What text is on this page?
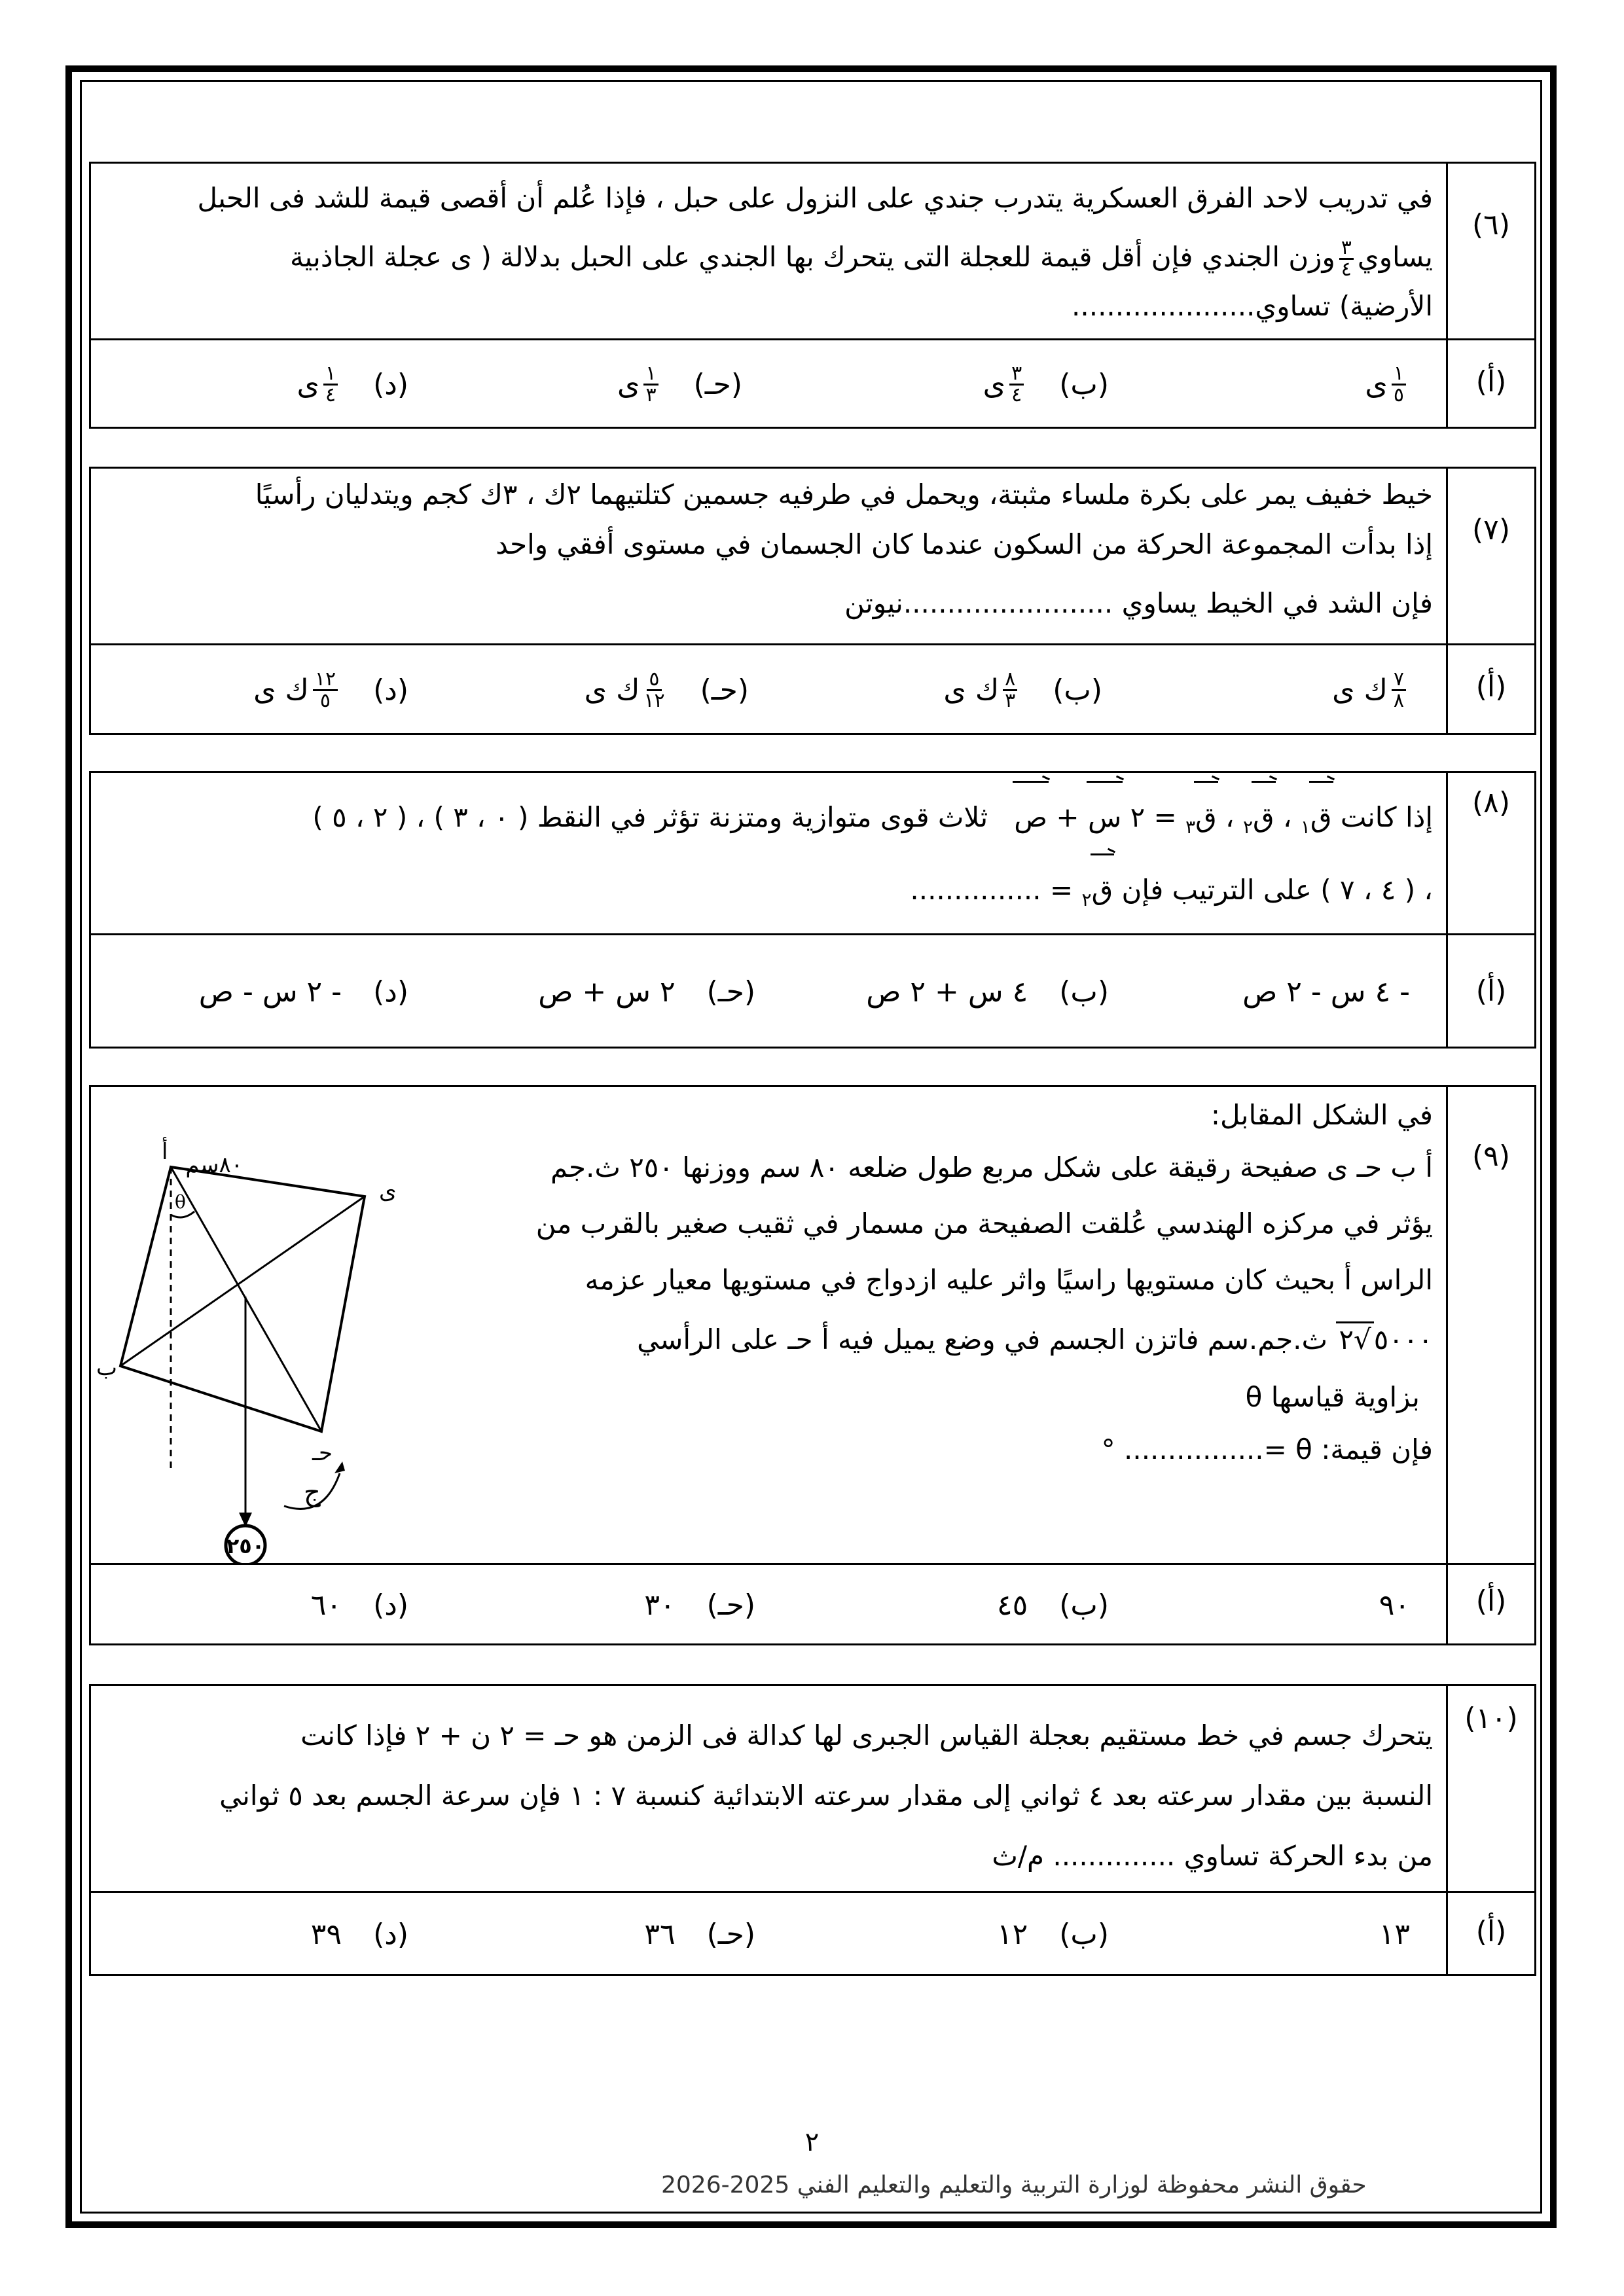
(٦)
في تدريب لاحد الفرق العسكرية يتدرب جندي على النزول على حبل ، فإذا عُلم أن أقصى قيمة للشد فى الحبل
يساوي
$\frac{٣}{٤}$
وزن الجندي فإن أقل قيمة للعجلة التى يتحرك بها الجندي على الحبل بدلالة ( ى عجلة الجاذبية
الأرضية) تساوي.....................
(أ)
$\frac{١}{٥}$
ى
(ب)
$\frac{٣}{٤}$
ى
(حـ)
$\frac{١}{٣}$
ى
(د)
$\frac{١}{٤}$
ى
(٧)
خيط خفيف يمر على بكرة ملساء مثبتة، ويحمل في طرفيه جسمين كتلتيهما ٢ك ، ٣ك كجم ويتدليان رأسيًا
إذا بدأت المجموعة الحركة من السكون عندما كان الجسمان في مستوى أفقي واحد
فإن الشد في الخيط يساوي ........................نيوتن
(أ)
$\frac{٧}{٨}$
ك ى
(ب)
$\frac{٨}{٣}$
ك ى
(حـ)
$\frac{٥}{١٢}$
ك ى
(د)
$\frac{١٢}{٥}$
ك ى
(٨)
إذا كانت ق$_١$ ، ق$_٢$ ، ق$_٣$ = ٢ س + ص   ثلاث قوى متوازية ومتزنة تؤثر في النقط ( ٠ ، ٣ ) ، ( ٢ ، ٥ )
، ( ٤ ، ٧ ) على الترتيب فإن ق$_٢$ = ...............
(أ)
- ٤ س - ٢ ص
(ب)
٤ س + ٢ ص
(حـ)
٢ س + ص
(د)
- ٢ س - ص
(٩)
في الشكل المقابل:
أ ب حـ ى صفيحة رقيقة على شكل مربع طول ضلعه ٨٠ سم ووزنها ٢٥٠ ث.جم
يؤثر في مركزه الهندسي عُلقت الصفيحة من مسمار في ثقيب صغير بالقرب من
الراس أ بحيث كان مستويها راسيًا واثر عليه ازدواج في مستويها معيار عزمه
٥٠٠٠√٢ ث.جم.سم فاتزن الجسم في وضع يميل فيه أ حـ على الرأسي
بزاوية قياسها θ
فإن قيمة: θ =................ °
θ
أ
ى
ب
حـ
٨٠سم
٢٥٠
ج
(أ)
٩٠
(ب)
٤٥
(حـ)
٣٠
(د)
٦٠
(١٠)
يتحرك جسم في خط مستقيم بعجلة القياس الجبرى لها كدالة فى الزمن هو حـ = ٢ ن + ٢ فإذا كانت
النسبة بين مقدار سرعته بعد ٤ ثواني إلى مقدار سرعته الابتدائية كنسبة ٧ : ١ فإن سرعة الجسم بعد ٥ ثواني
من بدء الحركة تساوي .............. م/ث
(أ)
١٣
(ب)
١٢
(حـ)
٣٦
(د)
٣٩
٢
حقوق النشر محفوظة لوزارة التربية والتعليم والتعليم الفني 2025-2026
